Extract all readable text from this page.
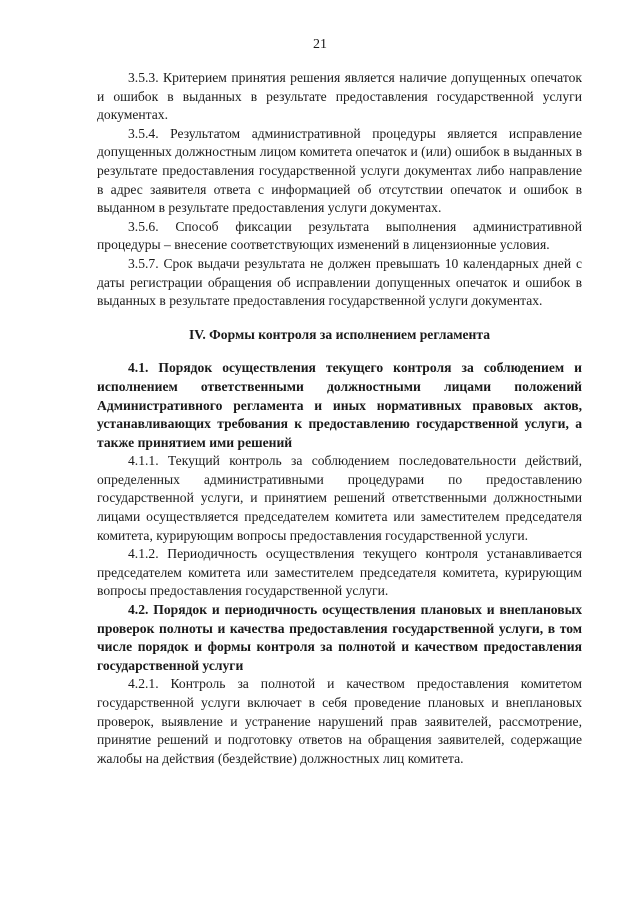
21

3.5.3. Критерием принятия решения является наличие допущенных опечаток и ошибок в выданных в результате предоставления государственной услуги документах.

3.5.4. Результатом административной процедуры является исправление допущенных должностным лицом комитета опечаток и (или) ошибок в выданных в результате предоставления государственной услуги документах либо направление в адрес заявителя ответа с информацией об отсутствии опечаток и ошибок в выданном в результате предоставления услуги документах.

3.5.6. Способ фиксации результата выполнения административной процедуры – внесение соответствующих изменений в лицензионные условия.

3.5.7. Срок выдачи результата не должен превышать 10 календарных дней с даты регистрации обращения об исправлении допущенных опечаток и ошибок в выданных в результате предоставления государственной услуги документах.

IV. Формы контроля за исполнением регламента
4.1. Порядок осуществления текущего контроля за соблюдением и исполнением ответственными должностными лицами положений Административного регламента и иных нормативных правовых актов, устанавливающих требования к предоставлению государственной услуги, а также принятием ими решений

4.1.1. Текущий контроль за соблюдением последовательности действий, определенных административными процедурами по предоставлению государственной услуги, и принятием решений ответственными должностными лицами осуществляется председателем комитета или заместителем председателя комитета, курирующим вопросы предоставления государственной услуги.

4.1.2. Периодичность осуществления текущего контроля устанавливается председателем комитета или заместителем председателя комитета, курирующим вопросы предоставления государственной услуги.

4.2. Порядок и периодичность осуществления плановых и внеплановых проверок полноты и качества предоставления государственной услуги, в том числе порядок и формы контроля за полнотой и качеством предоставления государственной услуги

4.2.1. Контроль за полнотой и качеством предоставления комитетом государственной услуги включает в себя проведение плановых и внеплановых проверок, выявление и устранение нарушений прав заявителей, рассмотрение, принятие решений и подготовку ответов на обращения заявителей, содержащие жалобы на действия (бездействие) должностных лиц комитета.
